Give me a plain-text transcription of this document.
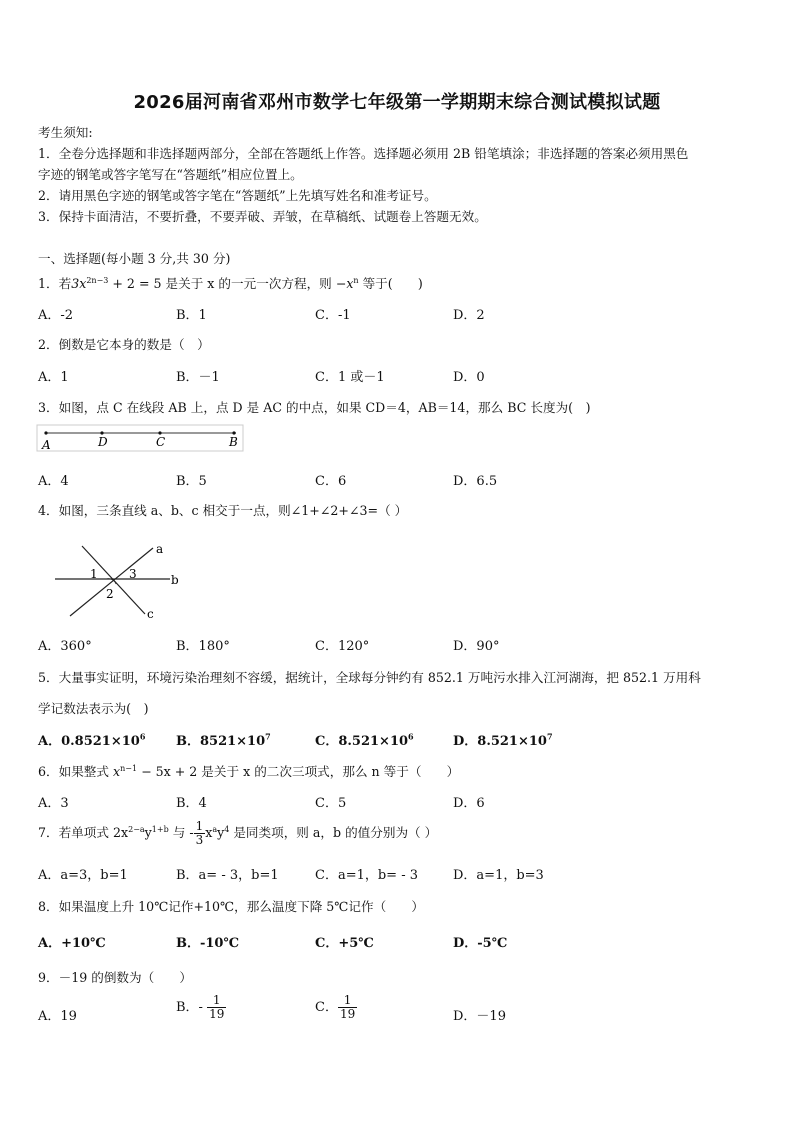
2026届河南省邓州市数学七年级第一学期期末综合测试模拟试题
考生须知:
1．全卷分选择题和非选择题两部分，全部在答题纸上作答。选择题必须用 2B 铅笔填涂；非选择题的答案必须用黑色
字迹的钢笔或答字笔写在“答题纸”相应位置上。
2．请用黑色字迹的钢笔或答字笔在“答题纸”上先填写姓名和准考证号。
3．保持卡面清洁，不要折叠，不要弄破、弄皱，在草稿纸、试题卷上答题无效。
一、选择题(每小题 3 分,共 30 分)
1．若$3x^{2n-3} + 2 = 5$ 是关于 x 的一元一次方程，则 $-x^n$ 等于(　　)
A．-2	B．1	C．-1	D．2
2．倒数是它本身的数是（　）
A．1	B．－1	C．1 或－1	D．0
3．如图，点 C 在线段 AB 上，点 D 是 AC 的中点，如果 CD＝4，AB＝14，那么 BC 长度为(　)
A	D	C	B
A．4	B．5	C．6	D．6.5
4．如图，三条直线 a、b、c 相交于一点，则∠1+∠2+∠3=（ ）
a
b
c
1
2
3
A．360°	B．180°	C．120°	D．90°
5．大量事实证明，环境污染治理刻不容缓，据统计，全球每分钟约有 852.1 万吨污水排入江河湖海，把 852.1 万用科
学记数法表示为(　)
A．$0.8521\times 10^6$ B．$8521\times 10^7$	C．$8.521\times 10^6$	D．$8.521\times 10^7$
6．如果整式 $x^{n-1} - 5x + 2$ 是关于 x 的二次三项式，那么 n 等于（　　）
A．3	B．4	C．5	D．6
7．若单项式 $2x^{2-a}y^{1+b}$ 与 - $\frac{1}{3} x^ay^4$ 是同类项，则 a，b 的值分别为（ ）
A．a=3，b=1	B．a= - 3，b=1	C．a=1，b= - 3	D．a=1，b=3
8．如果温度上升 10℃记作+10℃，那么温度下降 5℃记作（　　）
A．+10℃	B．-10℃	C．+5℃	D．-5℃
9．－19 的倒数为（　　）
A．19
B．- $\frac{1}{19}$	C． $\frac{1}{19}$	D．－19
